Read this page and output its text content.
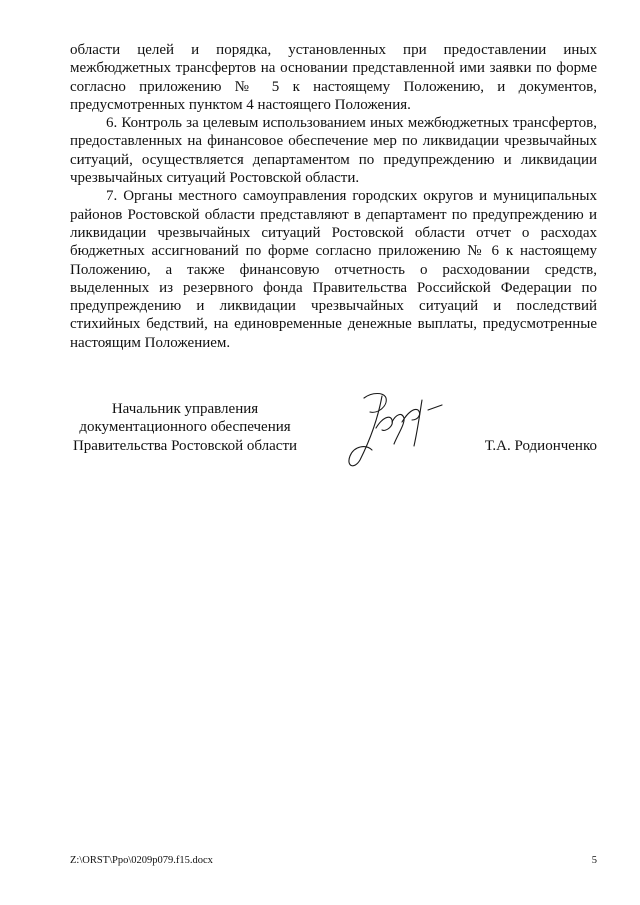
области целей и порядка, установленных при предоставлении иных межбюджетных трансфертов на основании представленной ими заявки по форме согласно приложению № 5 к настоящему Положению, и документов, предусмотренных пунктом 4 настоящего Положения.

6. Контроль за целевым использованием иных межбюджетных трансфертов, предоставленных на финансовое обеспечение мер по ликвидации чрезвычайных ситуаций, осуществляется департаментом по предупреждению и ликвидации чрезвычайных ситуаций Ростовской области.

7. Органы местного самоуправления городских округов и муниципальных районов Ростовской области представляют в департамент по предупреждению и ликвидации чрезвычайных ситуаций Ростовской области отчет о расходах бюджетных ассигнований по форме согласно приложению № 6 к настоящему Положению, а также финансовую отчетность о расходовании средств, выделенных из резервного фонда Правительства Российской Федерации по предупреждению и ликвидации чрезвычайных ситуаций и последствий стихийных бедствий, на единовременные денежные выплаты, предусмотренные настоящим Положением.

Начальник управления
документационного обеспечения
Правительства Ростовской области	Т.А. Родионченко
Z:\ORST\Ppo\0209p079.f15.docx	5
